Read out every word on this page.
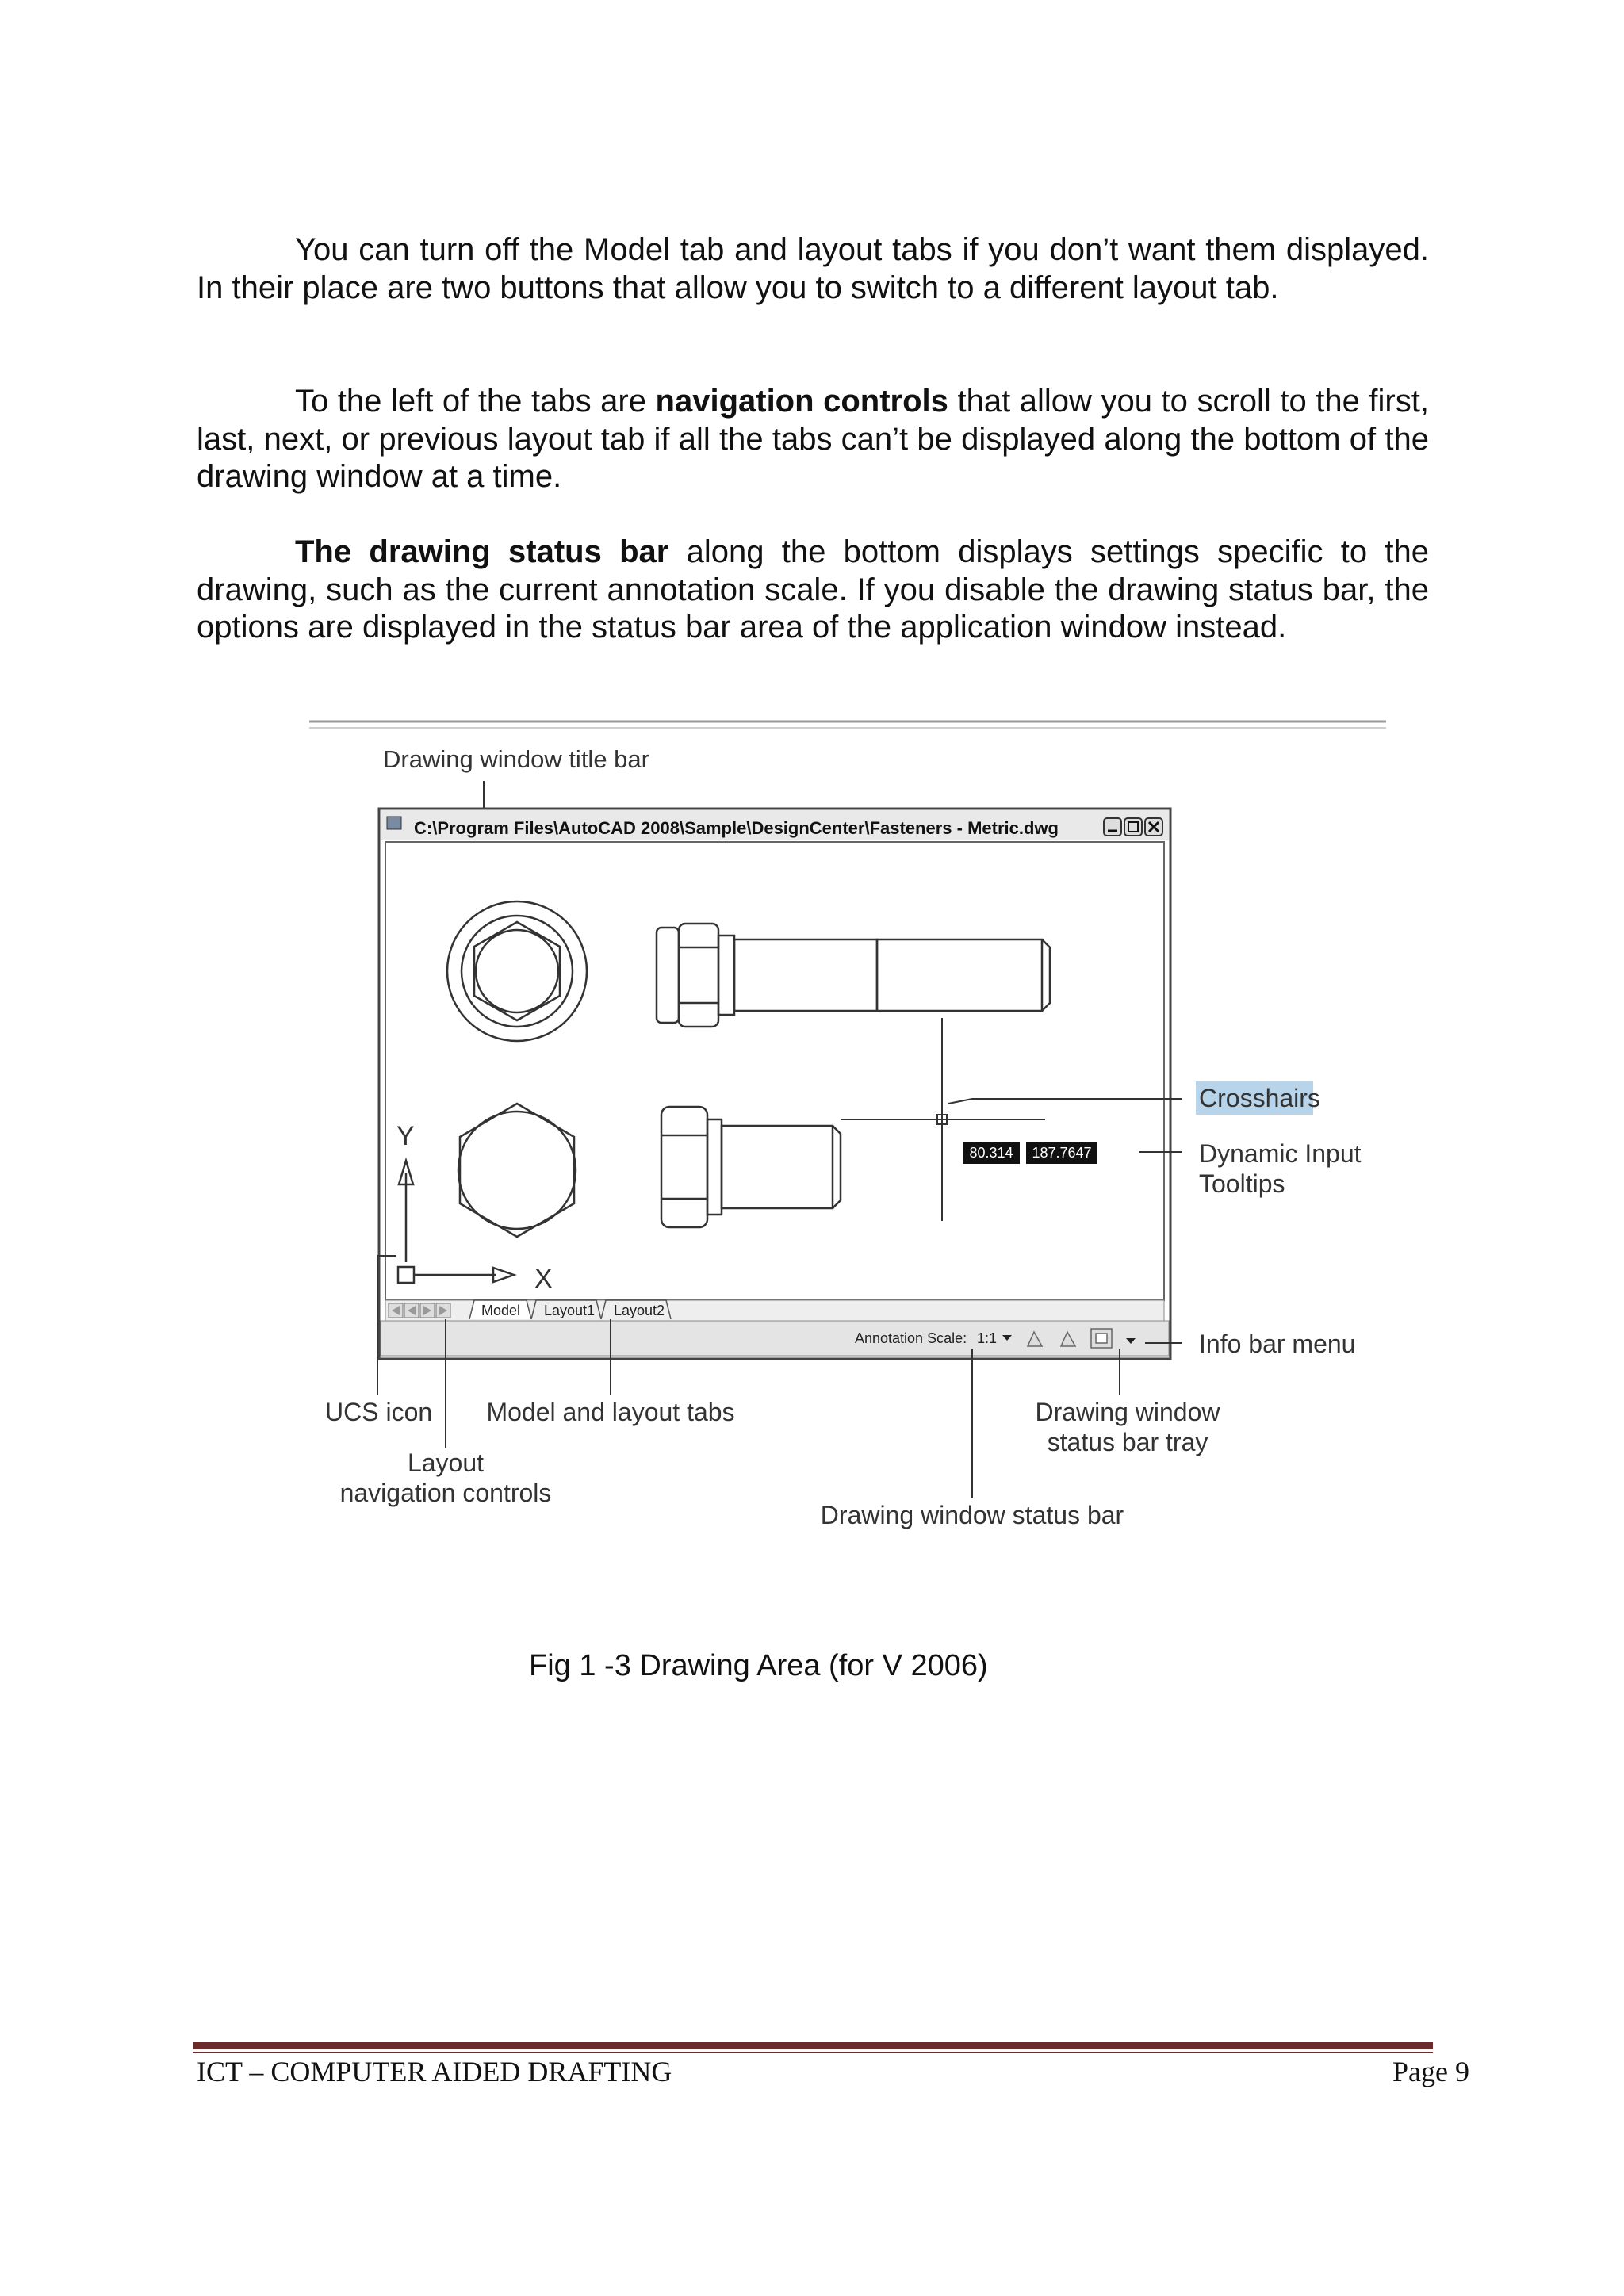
You can turn off the Model tab and layout tabs if you don’t want them displayed. In their place are two buttons that allow you to switch to a different layout tab.

To the left of the tabs are navigation controls that allow you to scroll to the first, last, next, or previous layout tab if all the tabs can’t be displayed along the bottom of the drawing window at a time.

The drawing status bar along the bottom displays settings specific to the drawing, such as the current annotation scale. If you disable the drawing status bar, the options are displayed in the status bar area of the application window instead.

Drawing window title bar
C:\Program Files\AutoCAD 2008\Sample\DesignCenter\Fasteners - Metric.dwg
80.314 187.7647
Y
X
Model Layout1 Layout2
Annotation Scale: 1:1
Crosshairs
Dynamic Input
Tooltips
Info bar menu
UCS icon
Layout
navigation controls
Model and layout tabs	Drawing window
status bar tray
Drawing window status bar

Fig 1 -3 Drawing Area (for V 2006)

ICT – COMPUTER AIDED DRAFTING	Page 9
